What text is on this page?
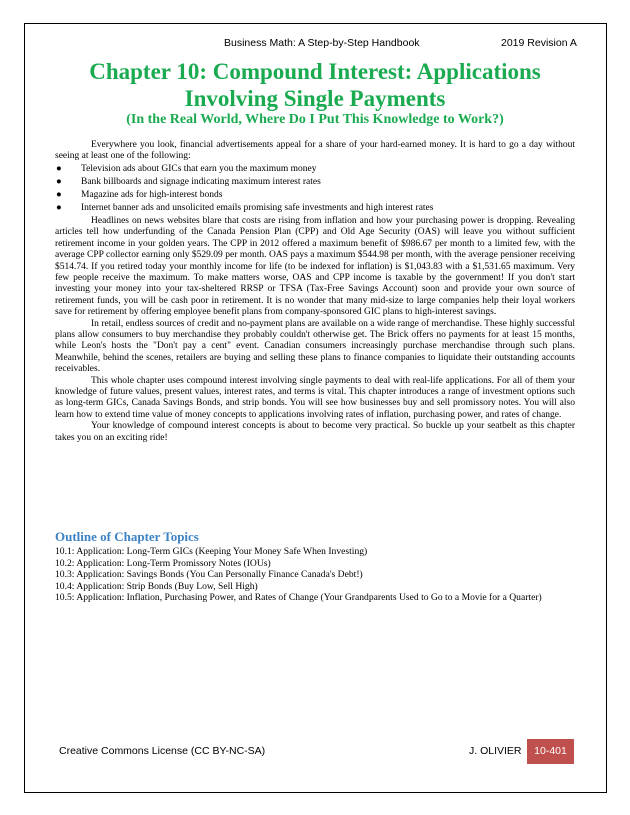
Business Math: A Step-by-Step Handbook	2019 Revision A
Chapter 10: Compound Interest: Applications
Involving Single Payments
(In the Real World, Where Do I Put This Knowledge to Work?)

Everywhere you look, financial advertisements appeal for a share of your hard-earned money. It is hard to go a day without seeing at least one of the following:

● Television ads about GICs that earn you the maximum money
● Bank billboards and signage indicating maximum interest rates
● Magazine ads for high-interest bonds
● Internet banner ads and unsolicited emails promising safe investments and high interest rates

Headlines on news websites blare that costs are rising from inflation and how your purchasing power is dropping. Revealing articles tell how underfunding of the Canada Pension Plan (CPP) and Old Age Security (OAS) will leave you without sufficient retirement income in your golden years. The CPP in 2012 offered a maximum benefit of $986.67 per month to a limited few, with the average CPP collector earning only $529.09 per month. OAS pays a maximum $544.98 per month, with the average pensioner receiving $514.74. If you retired today your monthly income for life (to be indexed for inflation) is $1,043.83 with a $1,531.65 maximum. Very few people receive the maximum. To make matters worse, OAS and CPP income is taxable by the government! If you don't start investing your money into your tax-sheltered RRSP or TFSA (Tax-Free Savings Account) soon and provide your own source of retirement funds, you will be cash poor in retirement. It is no wonder that many mid-size to large companies help their loyal workers save for retirement by offering employee benefit plans from company-sponsored GIC plans to high-interest savings.

In retail, endless sources of credit and no-payment plans are available on a wide range of merchandise. These highly successful plans allow consumers to buy merchandise they probably couldn't otherwise get. The Brick offers no payments for at least 15 months, while Leon's hosts the "Don't pay a cent" event. Canadian consumers increasingly purchase merchandise through such plans. Meanwhile, behind the scenes, retailers are buying and selling these plans to finance companies to liquidate their outstanding accounts receivables.

This whole chapter uses compound interest involving single payments to deal with real-life applications. For all of them your knowledge of future values, present values, interest rates, and terms is vital. This chapter introduces a range of investment options such as long-term GICs, Canada Savings Bonds, and strip bonds. You will see how businesses buy and sell promissory notes. You will also learn how to extend time value of money concepts to applications involving rates of inflation, purchasing power, and rates of change.

Your knowledge of compound interest concepts is about to become very practical. So buckle up your seatbelt as this chapter takes you on an exciting ride!

Outline of Chapter Topics
10.1: Application: Long-Term GICs (Keeping Your Money Safe When Investing)
10.2: Application: Long-Term Promissory Notes (IOUs)
10.3: Application: Savings Bonds (You Can Personally Finance Canada's Debt!)
10.4: Application: Strip Bonds (Buy Low, Sell High)
10.5: Application: Inflation, Purchasing Power, and Rates of Change (Your Grandparents Used to Go to a Movie for a Quarter)
Creative Commons License (CC BY-NC-SA)	J. OLIVIER	10-401
